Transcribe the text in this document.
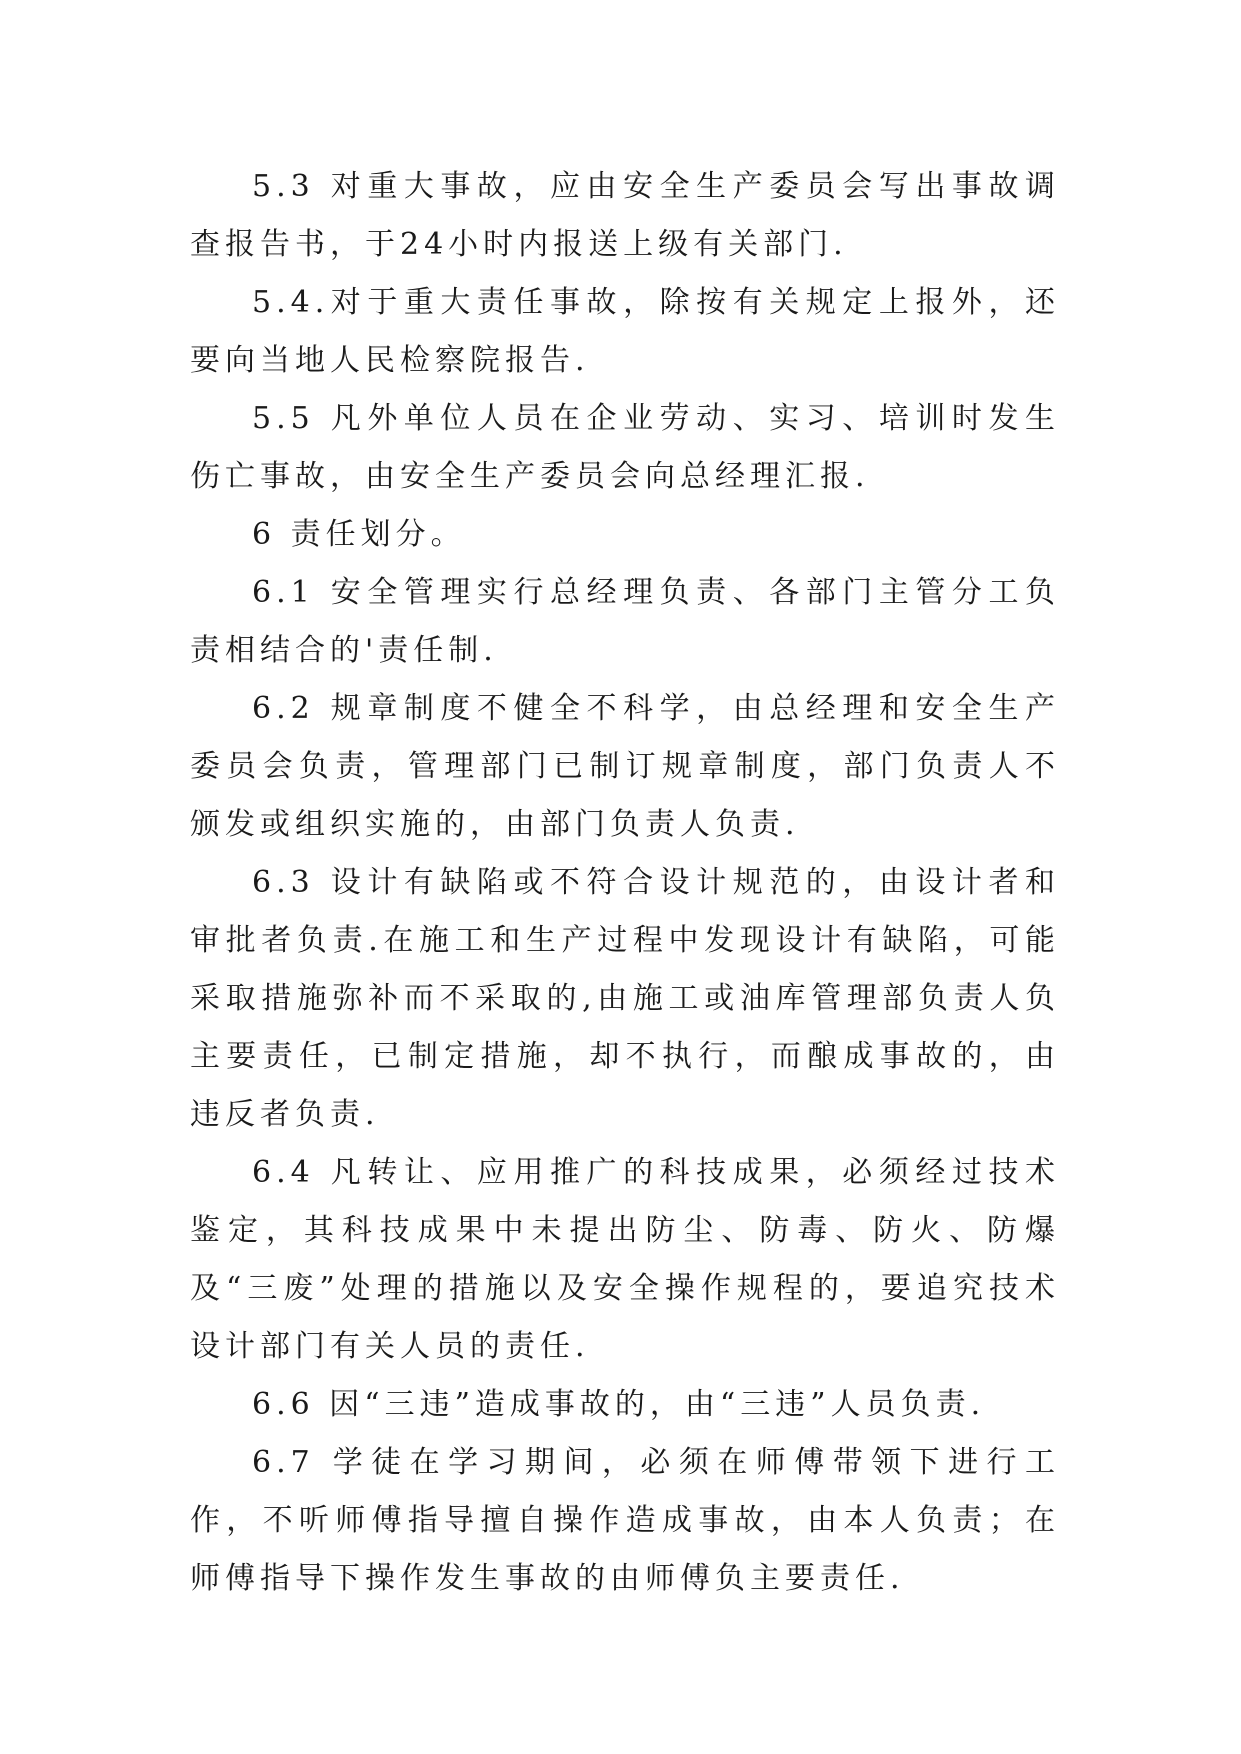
5.3 对重大事故，应由安全生产委员会写出事故调查报告书，于24小时内报送上级有关部门.

5.4.对于重大责任事故，除按有关规定上报外，还要向当地人民检察院报告.

5.5 凡外单位人员在企业劳动、实习、培训时发生伤亡事故，由安全生产委员会向总经理汇报.

6 责任划分。

6.1 安全管理实行总经理负责、各部门主管分工负责相结合的'责任制.

6.2 规章制度不健全不科学，由总经理和安全生产委员会负责，管理部门已制订规章制度，部门负责人不颁发或组织实施的，由部门负责人负责.

6.3 设计有缺陷或不符合设计规范的，由设计者和审批者负责.在施工和生产过程中发现设计有缺陷，可能采取措施弥补而不采取的,由施工或油库管理部负责人负主要责任，已制定措施，却不执行，而酿成事故的，由违反者负责.

6.4 凡转让、应用推广的科技成果，必须经过技术鉴定，其科技成果中未提出防尘、防毒、防火、防爆及“三废”处理的措施以及安全操作规程的，要追究技术设计部门有关人员的责任.

6.6 因“三违”造成事故的，由“三违”人员负责.

6.7 学徒在学习期间，必须在师傅带领下进行工作，不听师傅指导擅自操作造成事故，由本人负责；在师傅指导下操作发生事故的由师傅负主要责任.
